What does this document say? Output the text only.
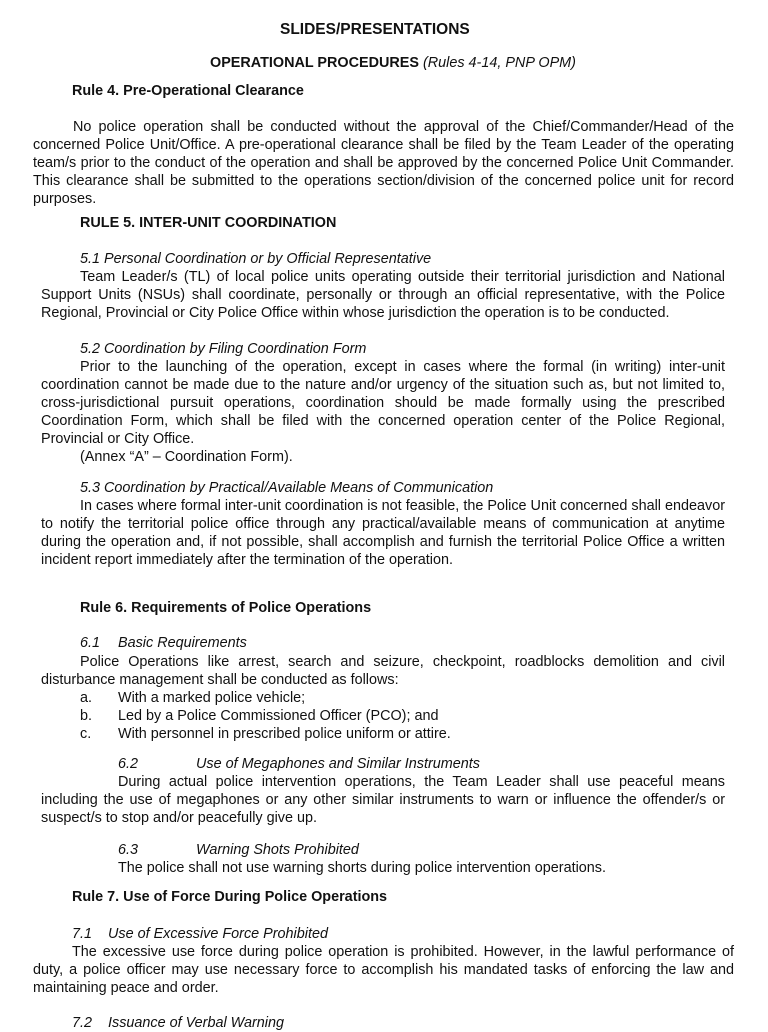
SLIDES/PRESENTATIONS
OPERATIONAL PROCEDURES (Rules 4-14, PNP OPM)
Rule 4. Pre-Operational Clearance

No police operation shall be conducted without the approval of the Chief/Commander/Head of the concerned Police Unit/Office. A pre-operational clearance shall be filed by the Team Leader of the operating team/s prior to the conduct of the operation and shall be approved by the concerned Police Unit Commander. This clearance shall be submitted to the operations section/division of the concerned police unit for record purposes.

RULE 5. INTER-UNIT COORDINATION
5.1 Personal Coordination or by Official Representative

Team Leader/s (TL) of local police units operating outside their territorial jurisdiction and National Support Units (NSUs) shall coordinate, personally or through an official representative, with the Police Regional, Provincial or City Police Office within whose jurisdiction the operation is to be conducted.

5.2 Coordination by Filing Coordination Form

Prior to the launching of the operation, except in cases where the formal (in writing) inter-unit coordination cannot be made due to the nature and/or urgency of the situation such as, but not limited to, cross-jurisdictional pursuit operations, coordination should be made formally using the prescribed Coordination Form, which shall be filed with the concerned operation center of the Police Regional, Provincial or City Office.

(Annex “A” – Coordination Form).
5.3 Coordination by Practical/Available Means of Communication

In cases where formal inter-unit coordination is not feasible, the Police Unit concerned shall endeavor to notify the territorial police office through any practical/available means of communication at anytime during the operation and, if not possible, shall accomplish and furnish the territorial Police Office a written incident report immediately after the termination of the operation.

Rule 6. Requirements of Police Operations
6.1 Basic Requirements

Police Operations like arrest, search and seizure, checkpoint, roadblocks demolition and civil disturbance management shall be conducted as follows:

a. With a marked police vehicle;
b. Led by a Police Commissioned Officer (PCO); and
c. With personnel in prescribed police uniform or attire.
6.2	Use of Megaphones and Similar Instruments

During actual police intervention operations, the Team Leader shall use peaceful means including the use of megaphones or any other similar instruments to warn or influence the offender/s or suspect/s to stop and/or peacefully give up.

6.3	Warning Shots Prohibited
The police shall not use warning shorts during police intervention operations.
Rule 7. Use of Force During Police Operations
7.1    Use of Excessive Force Prohibited

The excessive use force during police operation is prohibited. However, in the lawful performance of duty, a police officer may use necessary force to accomplish his mandated tasks of enforcing the law and maintaining peace and order.

7.2    Issuance of Verbal Warning
